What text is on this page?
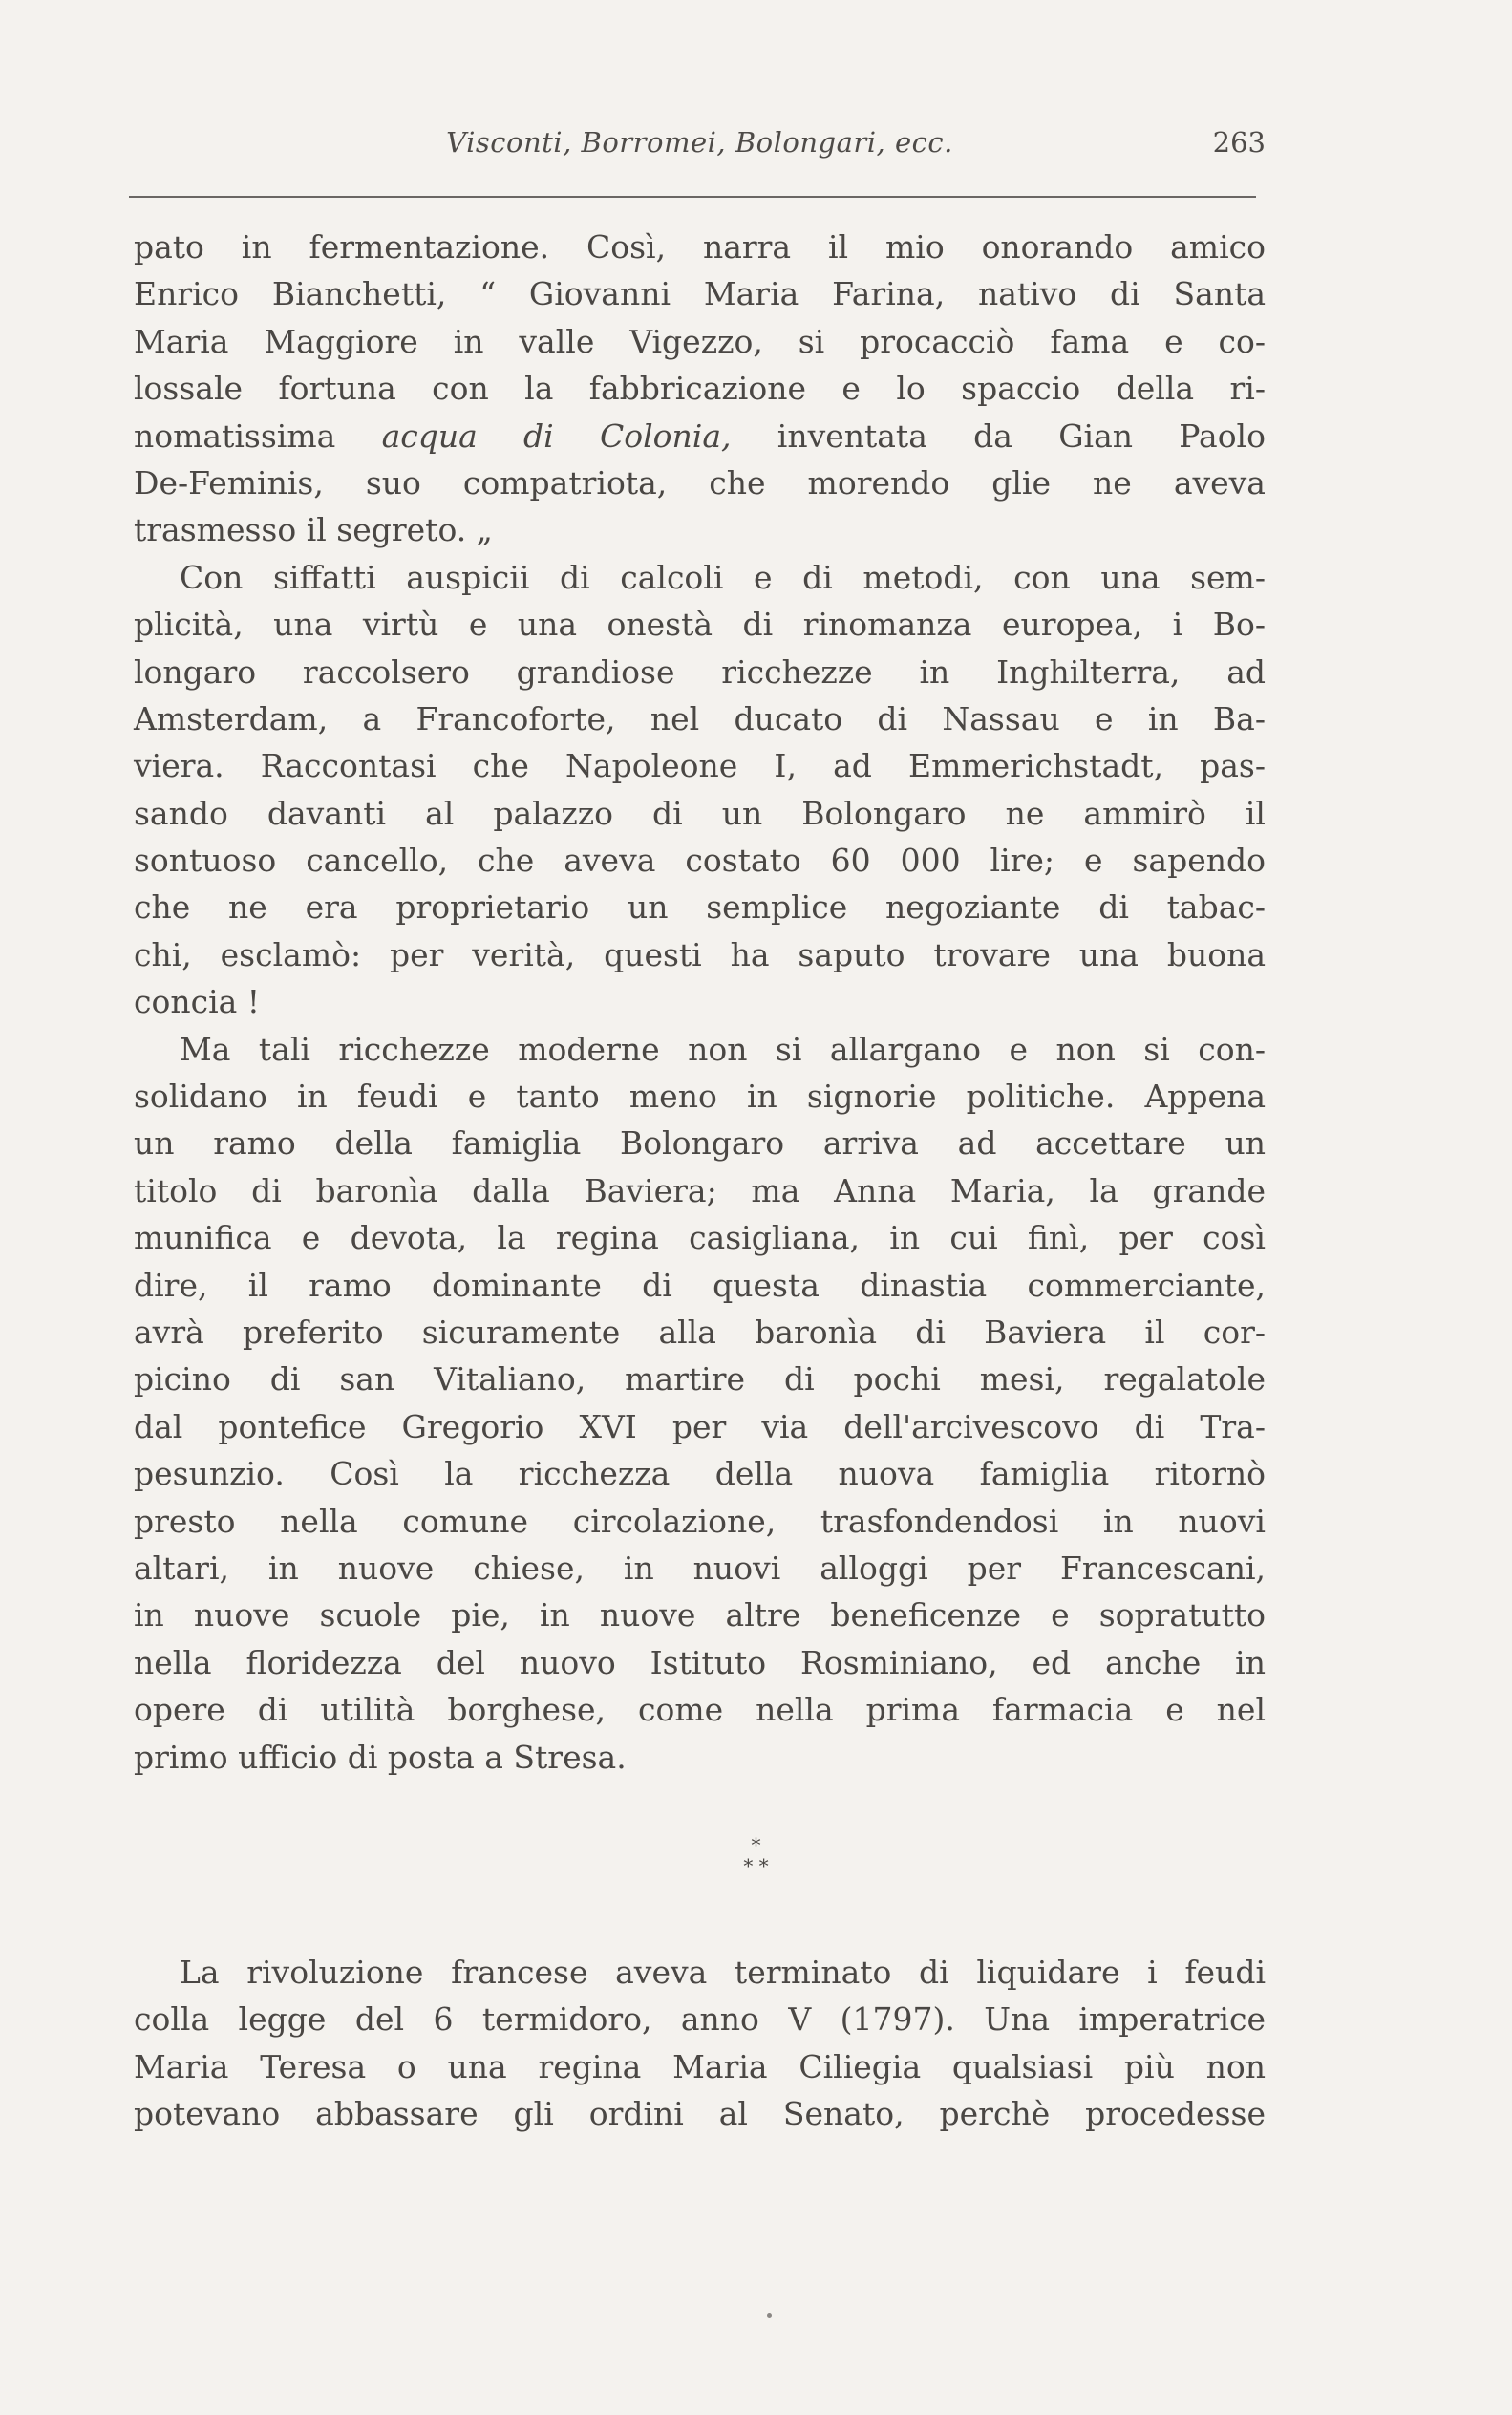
Visconti, Borromei, Bolongari, ecc.	263
pato in fermentazione. Così, narra il mio onorando amico
Enrico Bianchetti, “ Giovanni Maria Farina, nativo di Santa
Maria Maggiore in valle Vigezzo, si procacciò fama e co-
lossale fortuna con la fabbricazione e lo spaccio della ri-
nomatissima acqua di Colonia, inventata da Gian Paolo
De-Feminis, suo compatriota, che morendo glie ne aveva
trasmesso il segreto. „
Con siffatti auspicii di calcoli e di metodi, con una sem-
plicità, una virtù e una onestà di rinomanza europea, i Bo-
longaro raccolsero grandiose ricchezze in Inghilterra, ad
Amsterdam, a Francoforte, nel ducato di Nassau e in Ba-
viera. Raccontasi che Napoleone I, ad Emmerichstadt, pas-
sando davanti al palazzo di un Bolongaro ne ammirò il
sontuoso cancello, che aveva costato 60 000 lire; e sapendo
che ne era proprietario un semplice negoziante di tabac-
chi, esclamò: per verità, questi ha saputo trovare una buona
concia !
Ma tali ricchezze moderne non si allargano e non si con-
solidano in feudi e tanto meno in signorie politiche. Appena
un ramo della famiglia Bolongaro arriva ad accettare un
titolo di baronìa dalla Baviera; ma Anna Maria, la grande
munifica e devota, la regina casigliana, in cui finì, per così
dire, il ramo dominante di questa dinastia commerciante,
avrà preferito sicuramente alla baronìa di Baviera il cor-
picino di san Vitaliano, martire di pochi mesi, regalatole
dal pontefice Gregorio XVI per via dell'arcivescovo di Tra-
pesunzio. Così la ricchezza della nuova famiglia ritornò
presto nella comune circolazione, trasfondendosi in nuovi
altari, in nuove chiese, in nuovi alloggi per Francescani,
in nuove scuole pie, in nuove altre beneficenze e sopratutto
nella floridezza del nuovo Istituto Rosminiano, ed anche in
opere di utilità borghese, come nella prima farmacia e nel
primo ufficio di posta a Stresa.
*
* *
La rivoluzione francese aveva terminato di liquidare i feudi
colla legge del 6 termidoro, anno V (1797). Una imperatrice
Maria Teresa o una regina Maria Ciliegia qualsiasi più non
potevano abbassare gli ordini al Senato, perchè procedesse
